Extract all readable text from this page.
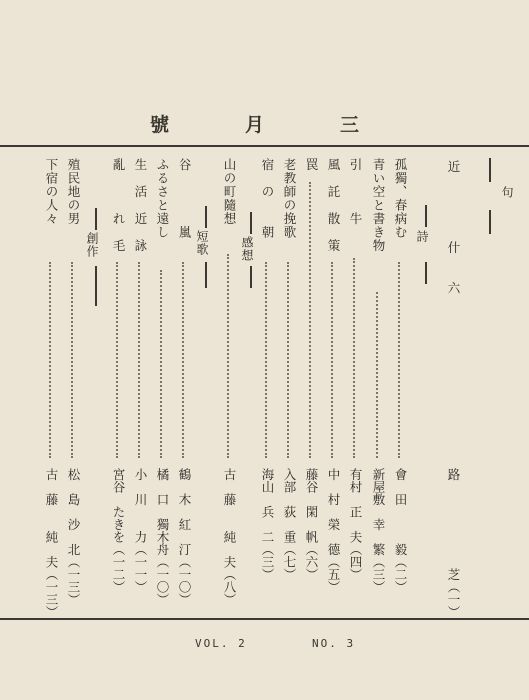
三
月
號
句
近　　　　　什　　六
路　　　　　　　芝（一）
詩
孤獨、春病む
會　田　　　毅（二）
青い空と書き物
新屋敷　幸　繁（三）
引　　　牛
有村　正　夫（四）
風　託　散　策
中　村　榮　德（五）
罠
藤谷　閑　帆（六）
老教師の挽歌
入部　荻　重（七）
宿　の　　朝
海山　兵　二（三）
感想
山の町隨想
古　藤　　純　夫（八）
短歌
谷　　　　嵐
鶴　木　紅　汀（一〇）
ふるさと遠し
橘　口　獨木舟（一〇）
生　活　近　詠
小　川　　力（一一）
亂　　　れ　毛
宮谷　たきを（一二）
創作
殖民地の男
松　島　沙　北（一三）
下宿の人々
古　藤　　純　夫（一三）
VOL. 2	NO. 3
